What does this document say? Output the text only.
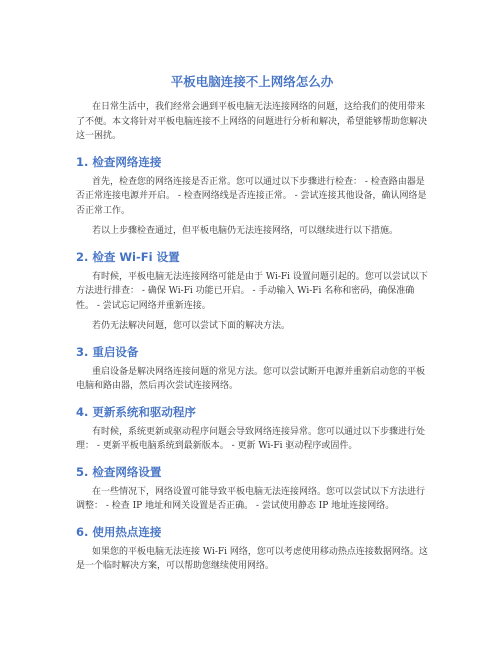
平板电脑连接不上网络怎么办

在日常生活中，我们经常会遇到平板电脑无法连接网络的问题，这给我们的使用带来了不便。本文将针对平板电脑连接不上网络的问题进行分析和解决，希望能够帮助您解决这一困扰。

1. 检查网络连接

首先，检查您的网络连接是否正常。您可以通过以下步骤进行检查： - 检查路由器是否正常连接电源并开启。 - 检查网络线是否连接正常。 - 尝试连接其他设备，确认网络是否正常工作。

若以上步骤检查通过，但平板电脑仍无法连接网络，可以继续进行以下措施。

2. 检查 Wi-Fi 设置

有时候，平板电脑无法连接网络可能是由于 Wi-Fi 设置问题引起的。您可以尝试以下方法进行排查： - 确保 Wi-Fi 功能已开启。 - 手动输入 Wi-Fi 名称和密码，确保准确性。 - 尝试忘记网络并重新连接。

若仍无法解决问题，您可以尝试下面的解决方法。

3. 重启设备

重启设备是解决网络连接问题的常见方法。您可以尝试断开电源并重新启动您的平板电脑和路由器，然后再次尝试连接网络。

4. 更新系统和驱动程序

有时候，系统更新或驱动程序问题会导致网络连接异常。您可以通过以下步骤进行处理： - 更新平板电脑系统到最新版本。 - 更新 Wi-Fi 驱动程序或固件。

5. 检查网络设置

在一些情况下，网络设置可能导致平板电脑无法连接网络。您可以尝试以下方法进行调整： - 检查 IP 地址和网关设置是否正确。 - 尝试使用静态 IP 地址连接网络。

6. 使用热点连接

如果您的平板电脑无法连接 Wi-Fi 网络，您可以考虑使用移动热点连接数据网络。这是一个临时解决方案，可以帮助您继续使用网络。
